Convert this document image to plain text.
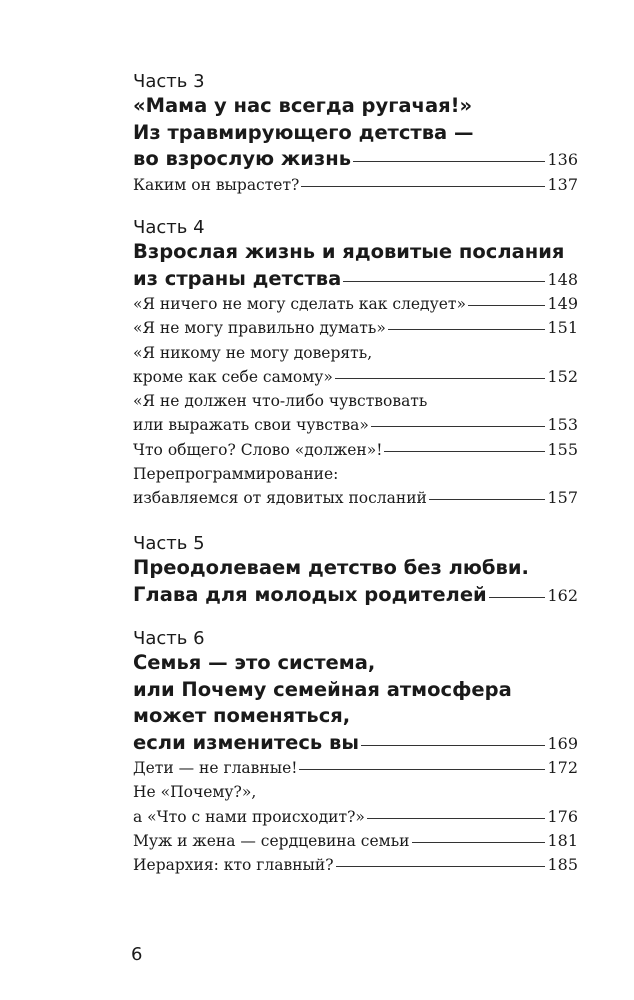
Часть 3
«Мама у нас всегда ругачая!»
Из травмирующего детства —
во взрослую жизнь	136
Каким он вырастет?	137
Часть 4
Взрослая жизнь и ядовитые послания
из страны детства	148
«Я ничего не могу сделать как следует»	149
«Я не могу правильно думать»	151
«Я никому не могу доверять,
кроме как себе самому»	152
«Я не должен что-либо чувствовать
или выражать свои чувства»	153
Что общего? Слово «должен»!	155
Перепрограммирование:
избавляемся от ядовитых посланий	157
Часть 5
Преодолеваем детство без любви.
Глава для молодых родителей	162
Часть 6
Семья — это система,
или Почему семейная атмосфера
может поменяться,
если изменитесь вы	169
Дети — не главные!	172
Не «Почему?»,
а «Что с нами происходит?»	176
Муж и жена — сердцевина семьи	181
Иерархия: кто главный?	185
6
